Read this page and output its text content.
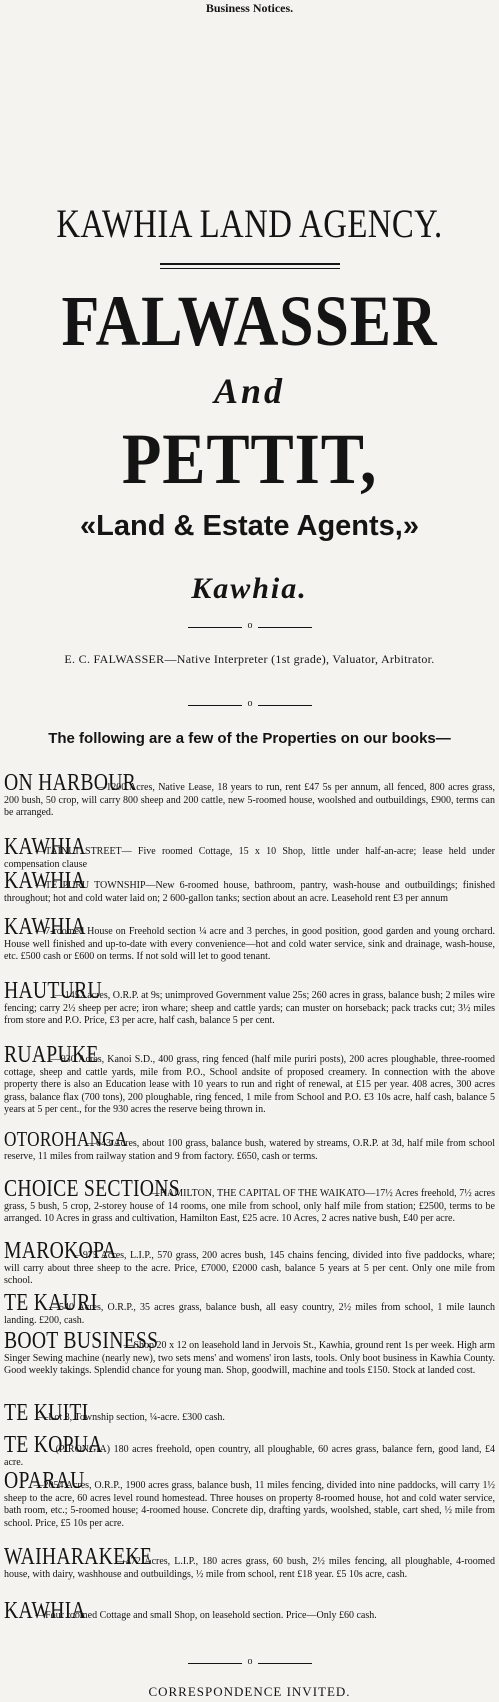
Business Notices.
KAWHIA LAND AGENCY.
FALWASSER
And
PETTIT,
«Land & Estate Agents,»
Kawhia.
o
E. C. FALWASSER—Native Interpreter (1st grade), Valuator, Arbitrator.
o
The following are a few of the Properties on our books—
ON HARBOUR—1200 Acres, Native Lease, 18 years to run, rent £47 5s per annum, all fenced, 800 acres grass, 200 bush, 50 crop, will carry 800 sheep and 200 cattle, new 5-roomed house, woolshed and outbuildings, £900, terms can be arranged.
KAWHIA—TAINUI STREET— Five roomed Cottage, 15 x 10 Shop, little under half-an-acre; lease held under compensation clause
KAWHIA—TE PURU TOWNSHIP—New 6-roomed house, bathroom, pantry, wash-house and outbuildings; finished throughout; hot and cold water laid on; 2 600-gallon tanks; section about an acre. Leasehold rent £3 per annum
KAWHIA—7-roomed House on Freehold section ¼ acre and 3 perches, in good position, good garden and young orchard. House well finished and up-to-date with every convenience—hot and cold water service, sink and drainage, wash-house, etc. £500 cash or £600 on terms. If not sold will let to good tenant.
HAUTURU—1452 acres, O.R.P. at 9s; unimproved Government value 25s; 260 acres in grass, balance bush; 2 miles wire fencing; carry 2½ sheep per acre; iron whare; sheep and cattle yards; can muster on horseback; pack tracks cut; 3½ miles from store and P.O. Price, £3 per acre, half cash, balance 5 per cent.
RUAPUKE—930 Acres, Kanoi S.D., 400 grass, ring fenced (half mile puriri posts), 200 acres ploughable, three-roomed cottage, sheep and cattle yards, mile from P.O., School andsite of proposed creamery. In connection with the above property there is also an Education lease with 10 years to run and right of renewal, at £15 per year. 408 acres, 300 acres grass, balance flax (700 tons), 200 ploughable, ring fenced, 1 mile from School and P.O. £3 10s acre, half cash, balance 5 years at 5 per cent., for the 930 acres the reserve being thrown in.
OTOROHANGA—643 Acres, about 100 grass, balance bush, watered by streams, O.R.P. at 3d, half mile from school reserve, 11 miles from railway station and 9 from factory. £650, cash or terms.
CHOICE SECTIONS—HAMILTON, THE CAPITAL OF THE WAIKATO—17½ Acres freehold, 7½ acres grass, 5 bush, 5 crop, 2-storey house of 14 rooms, one mile from school, only half mile from station; £2500, terms to be arranged. 10 Acres in grass and cultivation, Hamilton East, £25 acre. 10 Acres, 2 acres native bush, £40 per acre.
MAROKOPA—975 Acres, L.I.P., 570 grass, 200 acres bush, 145 chains fencing, divided into five paddocks, whare; will carry about three sheep to the acre. Price, £7000, £2000 cash, balance 5 years at 5 per cent. Only one mile from school.
TE KAURI—540 Acres, O.R.P., 35 acres grass, balance bush, all easy country, 2½ miles from school, 1 mile launch landing. £200, cash.
BOOT BUSINESS—Shop 20 x 12 on leasehold land in Jervois St., Kawhia, ground rent 1s per week. High arm Singer Sewing machine (nearly new), two sets mens' and womens' iron lasts, tools. Only boot business in Kawhia County. Good weekly takings. Splendid chance for young man. Shop, goodwill, machine and tools £150. Stock at landed cost.
TE KUITI—Lot 8, Township section, ¼-acre. £300 cash.
TE KOPUA(PIRONGIA) 180 acres freehold, open country, all ploughable, 60 acres grass, balance fern, good land, £4 acre.
OPARAU—2054 Acres, O.R.P., 1900 acres grass, balance bush, 11 miles fencing, divided into nine paddocks, will carry 1½ sheep to the acre, 60 acres level round homestead. Three houses on property 8-roomed house, hot and cold water service, bath room, etc.; 5-roomed house; 4-roomed house. Concrete dip, drafting yards, woolshed, stable, cart shed, ½ mile from school. Price, £5 10s per acre.
WAIHARAKEKE—472 Acres, L.I.P., 180 acres grass, 60 bush, 2½ miles fencing, all ploughable, 4-roomed house, with dairy, washhouse and outbuildings, ½ mile from school, rent £18 year. £5 10s acre, cash.
KAWHIA—Four roomed Cottage and small Shop, on leasehold section. Price—Only £60 cash.
o
CORRESPONDENCE INVITED.
